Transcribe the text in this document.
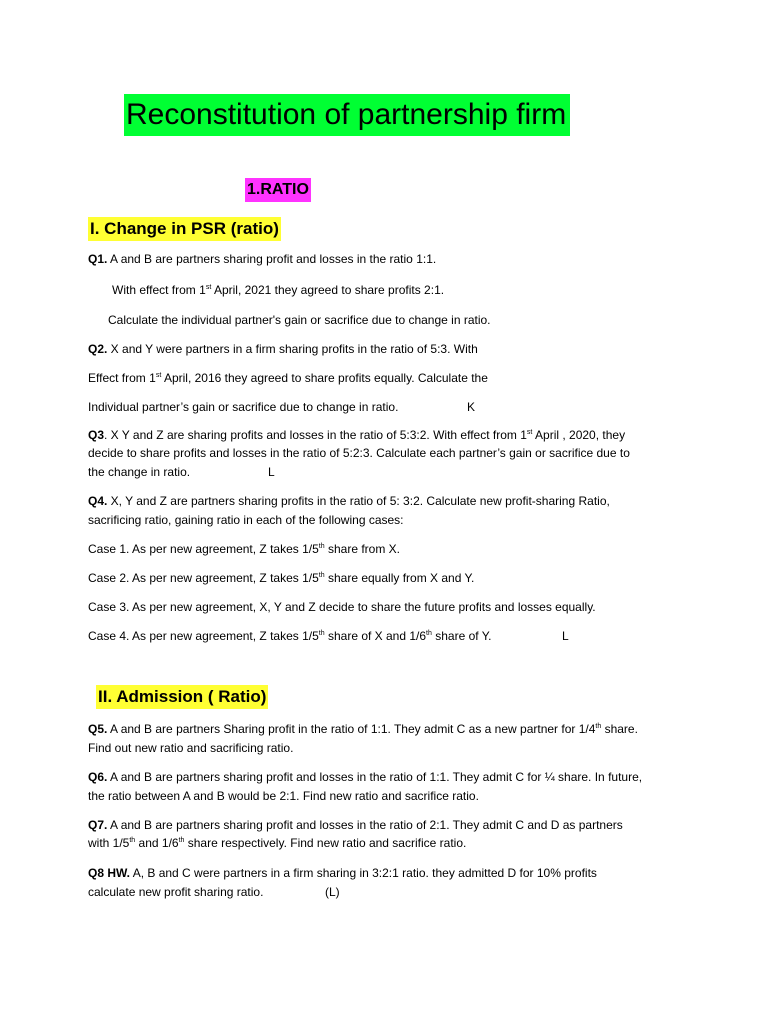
Reconstitution of partnership firm
1.RATIO
I. Change in PSR (ratio)
Q1. A and B are partners sharing profit and losses in the ratio 1:1.
With effect from 1st April, 2021 they agreed to share profits 2:1.
Calculate the individual partner's gain or sacrifice due to change in ratio.
Q2. X and Y were partners in a firm sharing profits in the ratio of 5:3. With
Effect from 1st April, 2016 they agreed to share profits equally. Calculate the
Individual partner’s gain or sacrifice due to change in ratio.	K
Q3. X Y and Z are sharing profits and losses in the ratio of 5:3:2. With effect from 1st April , 2020, they
decide to share profits and losses in the ratio of 5:2:3. Calculate each partner’s gain or sacrifice due to
the change in ratio.	L
Q4. X, Y and Z are partners sharing profits in the ratio of 5: 3:2. Calculate new profit-sharing Ratio,
sacrificing ratio, gaining ratio in each of the following cases:
Case 1. As per new agreement, Z takes 1/5th share from X.
Case 2. As per new agreement, Z takes 1/5th share equally from X and Y.
Case 3. As per new agreement, X, Y and Z decide to share the future profits and losses equally.
Case 4. As per new agreement, Z takes 1/5th share of X and 1/6th share of Y.	L
II. Admission ( Ratio)
Q5. A and B are partners Sharing profit in the ratio of 1:1. They admit C as a new partner for 1/4th share.
Find out new ratio and sacrificing ratio.
Q6. A and B are partners sharing profit and losses in the ratio of 1:1. They admit C for ¼ share. In future,
the ratio between A and B would be 2:1. Find new ratio and sacrifice ratio.
Q7. A and B are partners sharing profit and losses in the ratio of 2:1. They admit C and D as partners
with 1/5th and 1/6th share respectively. Find new ratio and sacrifice ratio.
Q8 HW. A, B and C were partners in a firm sharing in 3:2:1 ratio. they admitted D for 10% profits
calculate new profit sharing ratio.	(L)
